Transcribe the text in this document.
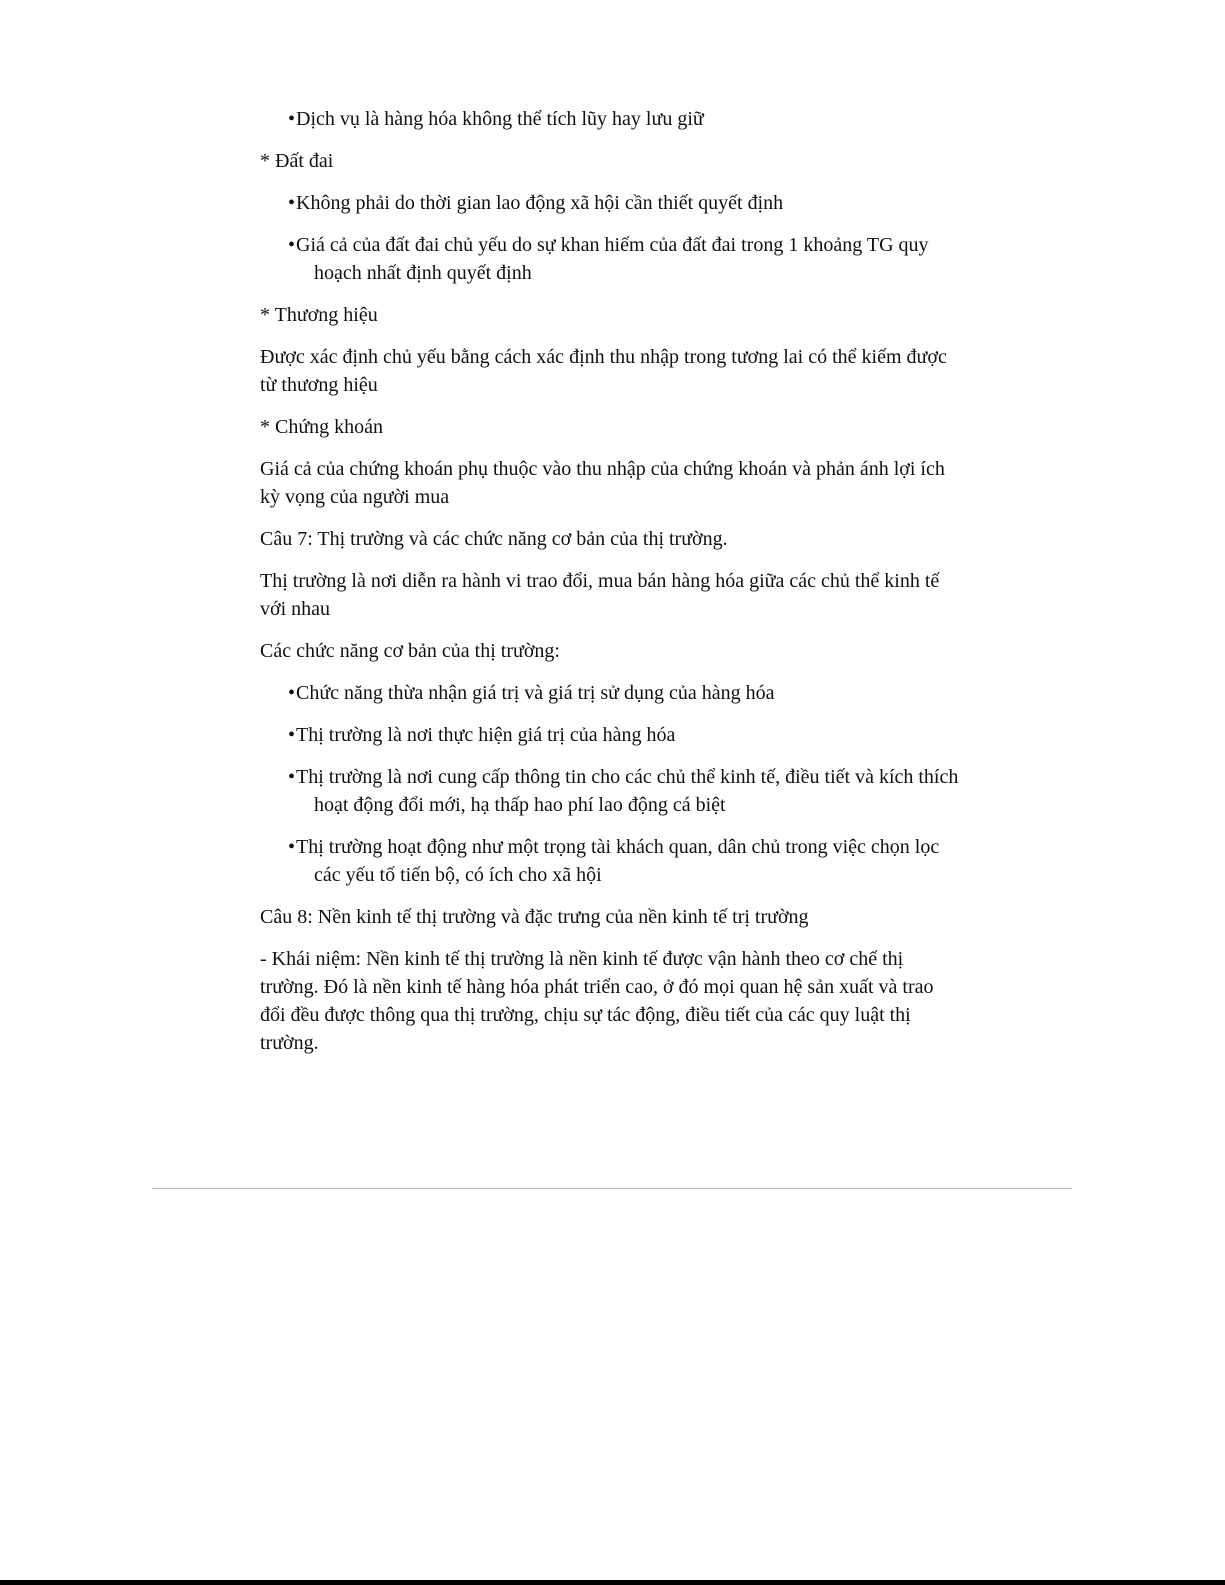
•Dịch vụ là hàng hóa không thể tích lũy hay lưu giữ

* Đất đai

•Không phải do thời gian lao động xã hội cần thiết quyết định
•Giá cả của đất đai chủ yếu do sự khan hiếm của đất đai trong 1 khoảng TG quy hoạch nhất định quyết định

* Thương hiệu

Được xác định chủ yếu bằng cách xác định thu nhập trong tương lai có thể kiếm được từ thương hiệu

* Chứng khoán

Giá cả của chứng khoán phụ thuộc vào thu nhập của chứng khoán và phản ánh lợi ích kỳ vọng của người mua

Câu 7: Thị trường và các chức năng cơ bản của thị trường.

Thị trường là nơi diễn ra hành vi trao đổi, mua bán hàng hóa giữa các chủ thể kinh tế với nhau

Các chức năng cơ bản của thị trường:

•Chức năng thừa nhận giá trị và giá trị sử dụng của hàng hóa
•Thị trường là nơi thực hiện giá trị của hàng hóa
•Thị trường là nơi cung cấp thông tin cho các chủ thể kinh tế, điều tiết và kích thích hoạt động đổi mới, hạ thấp hao phí lao động cá biệt
•Thị trường hoạt động như một trọng tài khách quan, dân chủ trong việc chọn lọc các yếu tố tiến bộ, có ích cho xã hội

Câu 8: Nền kinh tế thị trường và đặc trưng của nền kinh tế trị trường

- Khái niệm: Nền kinh tế thị trường là nền kinh tế được vận hành theo cơ chế thị trường. Đó là nền kinh tế hàng hóa phát triển cao, ở đó mọi quan hệ sản xuất và trao đổi đều được thông qua thị trường, chịu sự tác động, điều tiết của các quy luật thị trường.
